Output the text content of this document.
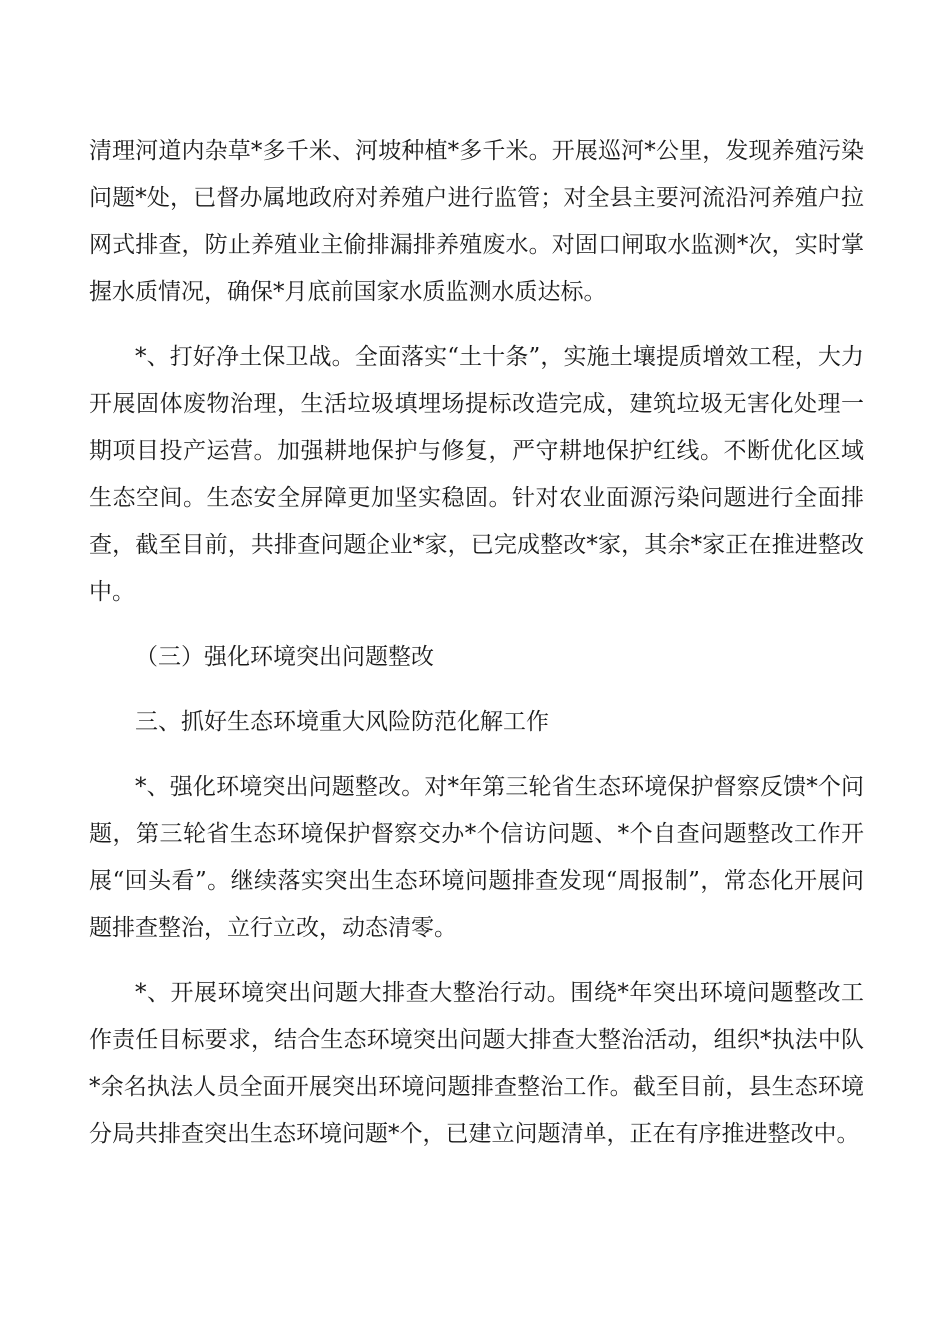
清理河道内杂草*多千米、河坡种植*多千米。开展巡河*公里，发现养殖污染问题*处，已督办属地政府对养殖户进行监管；对全县主要河流沿河养殖户拉网式排查，防止养殖业主偷排漏排养殖废水。对固口闸取水监测*次，实时掌握水质情况，确保*月底前国家水质监测水质达标。

*、打好净土保卫战。全面落实“土十条”，实施土壤提质增效工程，大力开展固体废物治理，生活垃圾填埋场提标改造完成，建筑垃圾无害化处理一期项目投产运营。加强耕地保护与修复，严守耕地保护红线。不断优化区域生态空间。生态安全屏障更加坚实稳固。针对农业面源污染问题进行全面排查，截至目前，共排查问题企业*家，已完成整改*家，其余*家正在推进整改中。

（三）强化环境突出问题整改

三、抓好生态环境重大风险防范化解工作

*、强化环境突出问题整改。对*年第三轮省生态环境保护督察反馈*个问题，第三轮省生态环境保护督察交办*个信访问题、*个自查问题整改工作开展“回头看”。继续落实突出生态环境问题排查发现“周报制”，常态化开展问题排查整治，立行立改，动态清零。

*、开展环境突出问题大排查大整治行动。围绕*年突出环境问题整改工作责任目标要求，结合生态环境突出问题大排查大整治活动，组织*执法中队*余名执法人员全面开展突出环境问题排查整治工作。截至目前，县生态环境分局共排查突出生态环境问题*个，已建立问题清单，正在有序推进整改中。
